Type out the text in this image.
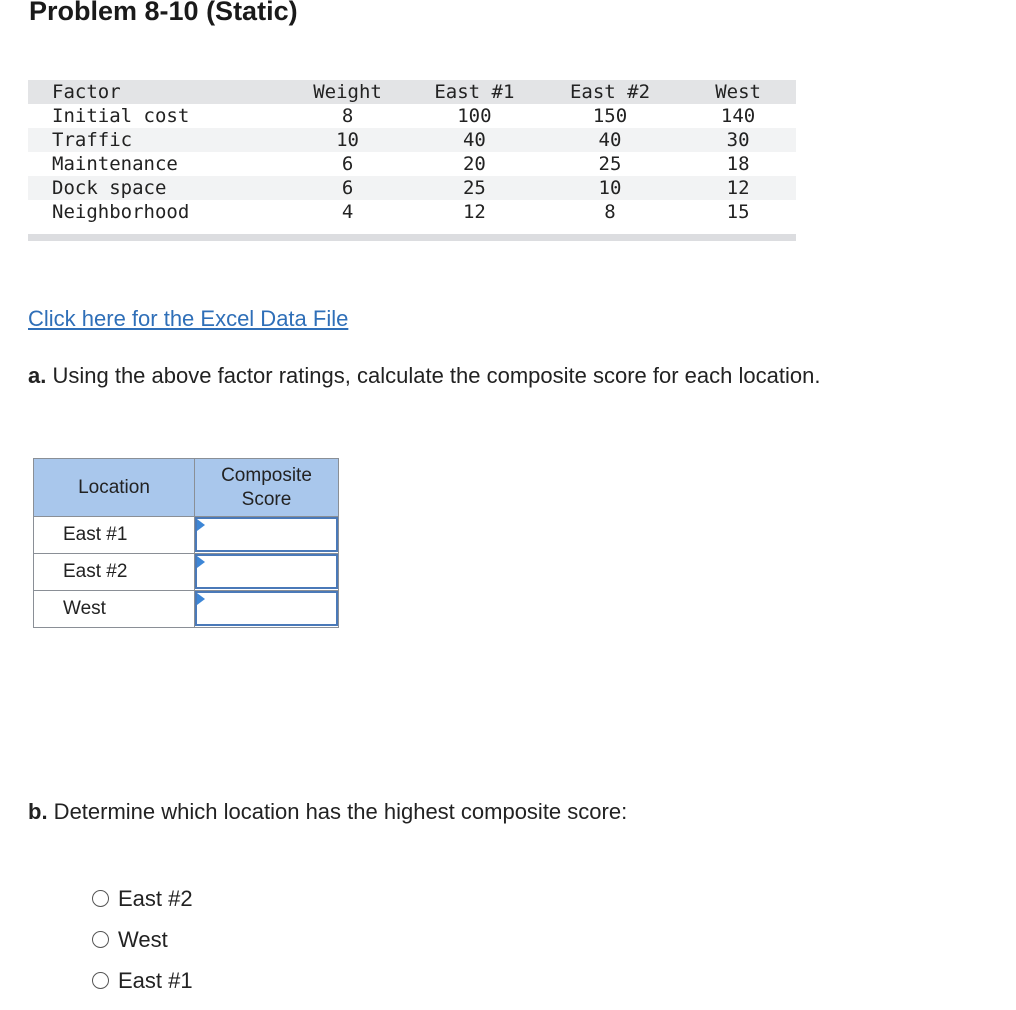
Problem 8-10 (Static)
Factor	Weight	East #1	East #2	West
Initial cost	8	100	150	140
Traffic	10	40	40	30
Maintenance	6	20	25	18
Dock space	6	25	10	12
Neighborhood	4	12	8	15
Click here for the Excel Data File

a. Using the above factor ratings, calculate the composite score for each location.

Location	Composite
Score
East #1	

East #2	

West	

b. Determine which location has the highest composite score:

East #2
West
East #1
